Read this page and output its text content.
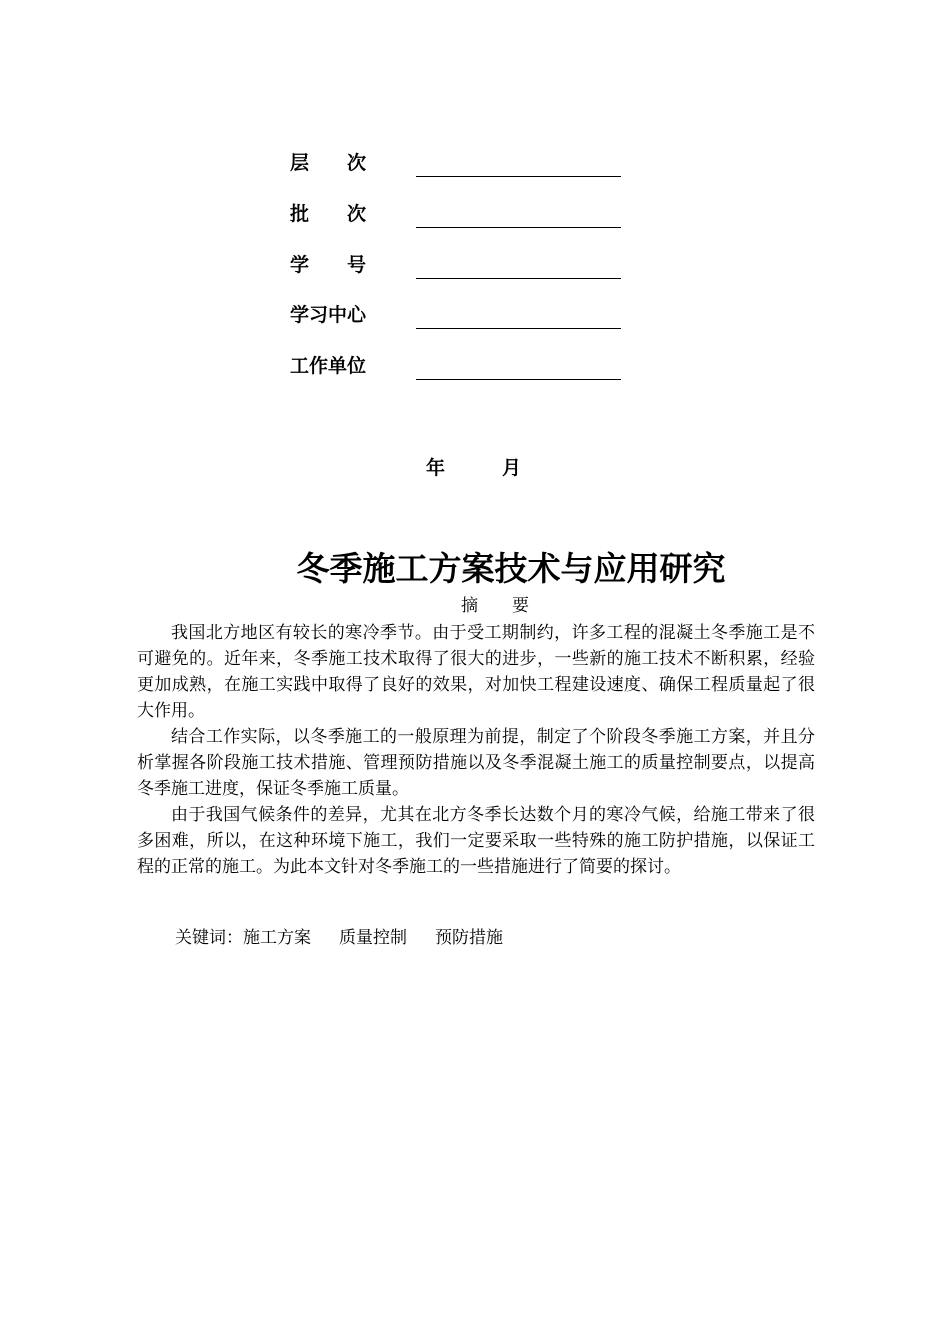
层　　次
批　　次
学　　号
学习中心
工作单位
年	月
冬季施工方案技术与应用研究
摘　　要

我国北方地区有较长的寒冷季节。由于受工期制约，许多工程的混凝土冬季施工是不可避免的。近年来，冬季施工技术取得了很大的进步，一些新的施工技术不断积累，经验更加成熟，在施工实践中取得了良好的效果，对加快工程建设速度、确保工程质量起了很大作用。

结合工作实际，以冬季施工的一般原理为前提，制定了个阶段冬季施工方案，并且分析掌握各阶段施工技术措施、管理预防措施以及冬季混凝土施工的质量控制要点，以提高冬季施工进度，保证冬季施工质量。

由于我国气候条件的差异，尤其在北方冬季长达数个月的寒冷气候，给施工带来了很多困难，所以，在这种环境下施工，我们一定要采取一些特殊的施工防护措施，以保证工程的正常的施工。为此本文针对冬季施工的一些措施进行了简要的探讨。

关键词：施工方案 质量控制 预防措施
